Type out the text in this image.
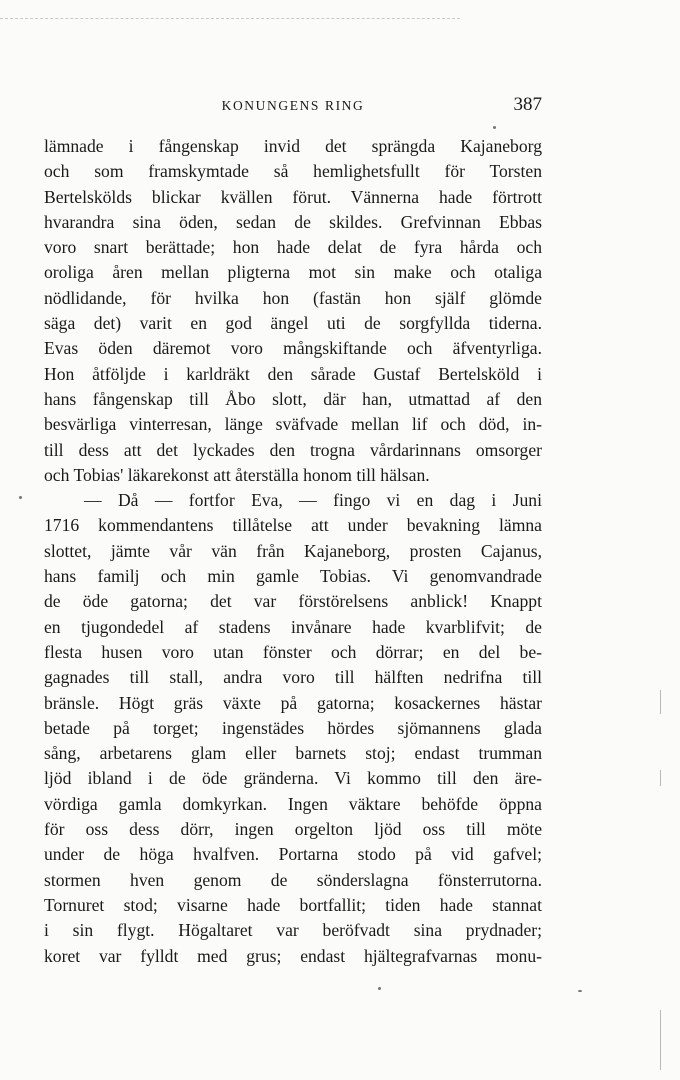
KONUNGENS RING	387
lämnade i fångenskap invid det sprängda Kajaneborg
och som framskymtade så hemlighetsfullt för Torsten
Bertelskölds blickar kvällen förut. Vännerna hade förtrott
hvarandra sina öden, sedan de skildes. Grefvinnan Ebbas
voro snart berättade; hon hade delat de fyra hårda och
oroliga åren mellan pligterna mot sin make och otaliga
nödlidande, för hvilka hon (fastän hon själf glömde
säga det) varit en god ängel uti de sorgfyllda tiderna.
Evas öden däremot voro mångskiftande och äfventyrliga.
Hon åtföljde i karldräkt den sårade Gustaf Bertelsköld i
hans fångenskap till Åbo slott, där han, utmattad af den
besvärliga vinterresan, länge sväfvade mellan lif och död, in-
till dess att det lyckades den trogna vårdarinnans omsorger
och Tobias' läkarekonst att återställa honom till hälsan.
— Då — fortfor Eva, — fingo vi en dag i Juni
1716 kommendantens tillåtelse att under bevakning lämna
slottet, jämte vår vän från Kajaneborg, prosten Cajanus,
hans familj och min gamle Tobias. Vi genomvandrade
de öde gatorna; det var förstörelsens anblick! Knappt
en tjugondedel af stadens invånare hade kvarblifvit; de
flesta husen voro utan fönster och dörrar; en del be-
gagnades till stall, andra voro till hälften nedrifna till
bränsle. Högt gräs växte på gatorna; kosackernes hästar
betade på torget; ingenstädes hördes sjömannens glada
sång, arbetarens glam eller barnets stoj; endast trumman
ljöd ibland i de öde gränderna. Vi kommo till den äre-
vördiga gamla domkyrkan. Ingen väktare behöfde öppna
för oss dess dörr, ingen orgelton ljöd oss till möte
under de höga hvalfven. Portarna stodo på vid gafvel;
stormen hven genom de sönderslagna fönsterrutorna.
Tornuret stod; visarne hade bortfallit; tiden hade stannat
i sin flygt. Högaltaret var beröfvadt sina prydnader;
koret var fylldt med grus; endast hjältegrafvarnas monu-
